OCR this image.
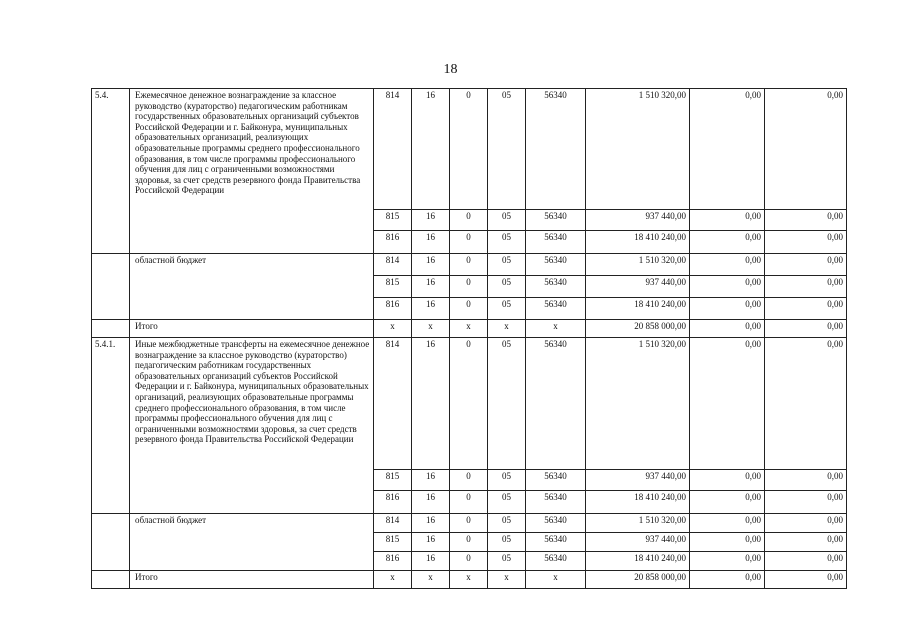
18
5.4.	Ежемесячное денежное вознаграждение за классное руководство (кураторство) педагогическим работникам государственных образовательных организаций субъектов Российской Федерации и г. Байконура, муниципальных образовательных организаций, реализующих образовательные программы среднего профессионального образования, в том числе программы профессионального обучения для лиц с ограниченными возможностями здоровья, за счет средств резервного фонда Правительства Российской Федерации	814	16	0	05	56340	1 510 320,00	0,00	0,00
		815	16	0	05	56340	937 440,00	0,00	0,00
		816	16	0	05	56340	18 410 240,00	0,00	0,00
	областной бюджет	814	16	0	05	56340	1 510 320,00	0,00	0,00
		815	16	0	05	56340	937 440,00	0,00	0,00
		816	16	0	05	56340	18 410 240,00	0,00	0,00
	Итого	x	x	x	x	x	20 858 000,00	0,00	0,00
5.4.1.	Иные межбюджетные трансферты на ежемесячное денежное вознаграждение за классное руководство (кураторство) педагогическим работникам государственных образовательных организаций субъектов Российской Федерации и г. Байконура, муниципальных образовательных организаций, реализующих образовательные программы среднего профессионального образования, в том числе программы профессионального обучения для лиц с ограниченными возможностями здоровья, за счет средств резервного фонда Правительства Российской Федерации	814	16	0	05	56340	1 510 320,00	0,00	0,00
		815	16	0	05	56340	937 440,00	0,00	0,00
		816	16	0	05	56340	18 410 240,00	0,00	0,00
	областной бюджет	814	16	0	05	56340	1 510 320,00	0,00	0,00
		815	16	0	05	56340	937 440,00	0,00	0,00
		816	16	0	05	56340	18 410 240,00	0,00	0,00
	Итого	x	x	x	x	x	20 858 000,00	0,00	0,00
